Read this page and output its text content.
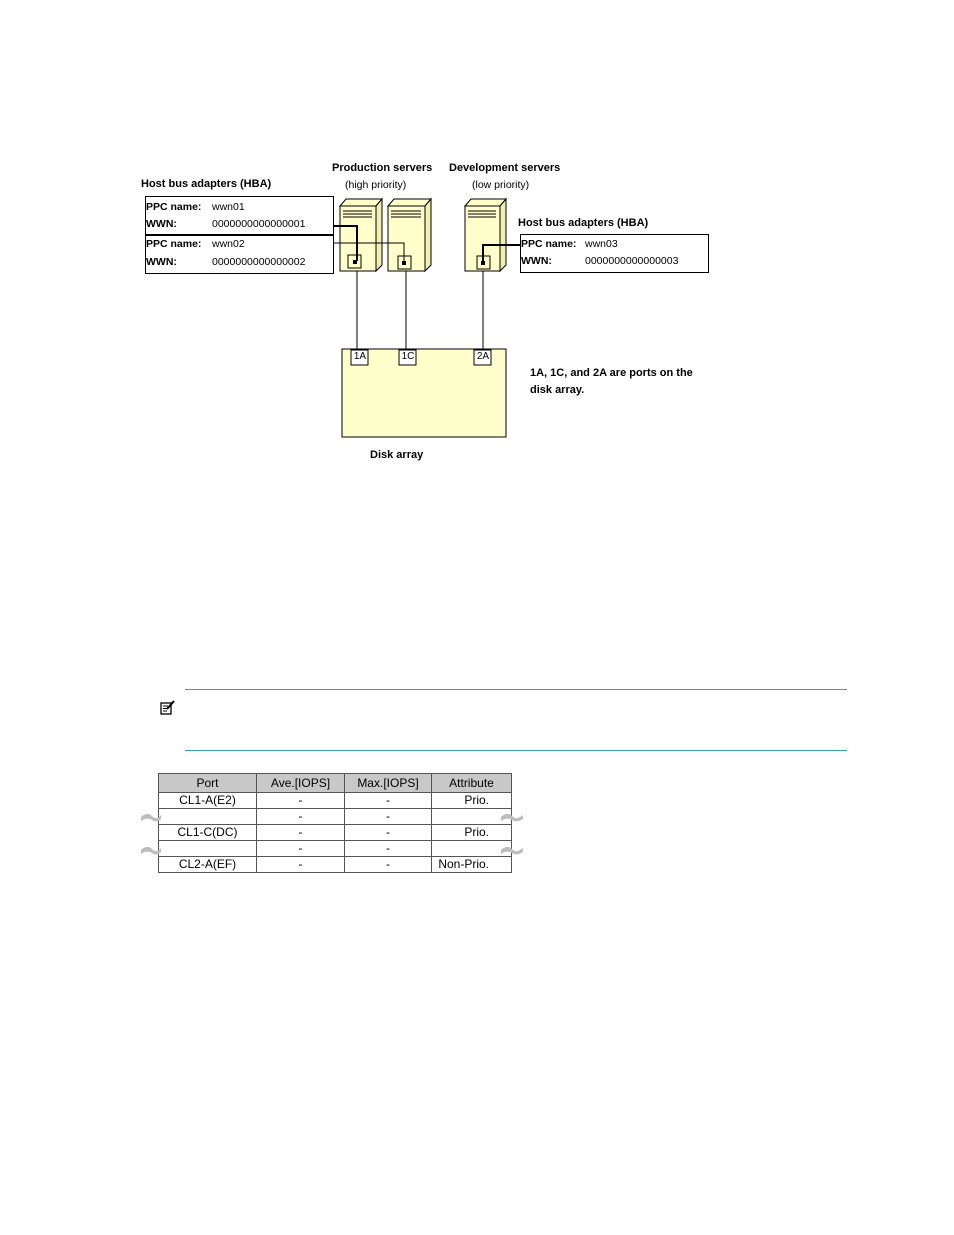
Host bus adapters (HBA)
Production servers
(high priority)
Development servers
(low priority)
Host bus adapters (HBA)
1A	1C	2A
PPC name: wwn01
WWN:	0000000000000001
PPC name: wwn02
WWN:	0000000000000002
PPC name: wwn03
WWN:	0000000000000003
1A, 1C, and 2A are ports on the
disk array.
Disk array
Port	Ave.[IOPS]	Max.[IOPS]	Attribute
CL1-A(E2)	-	-	Prio.
	-	-	
CL1-C(DC)	-	-	Prio.
	-	-	
CL2-A(EF)	-	-	Non-Prio.
